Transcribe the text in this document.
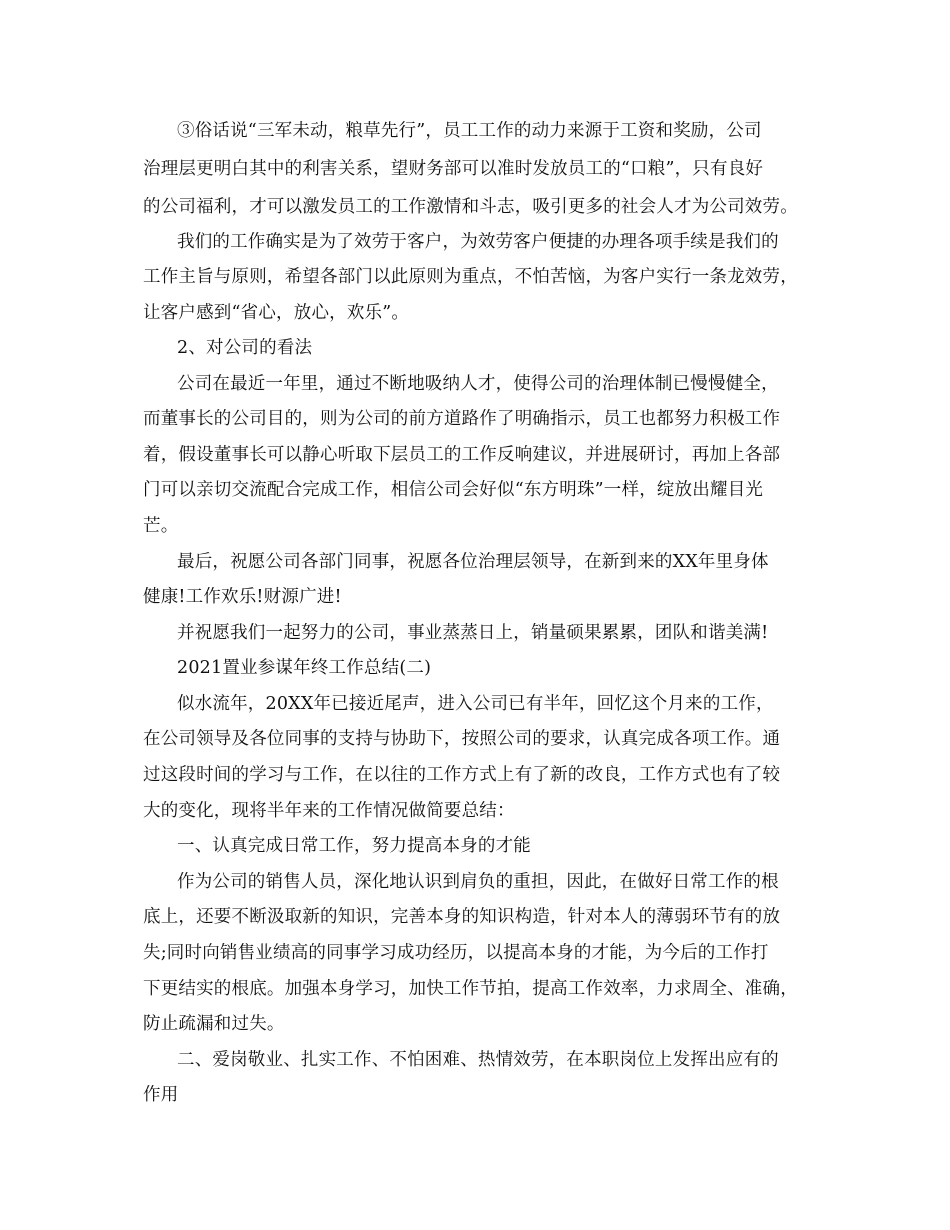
③俗话说“三军未动，粮草先行”，员工工作的动力来源于工资和奖励，公司
治理层更明白其中的利害关系，望财务部可以准时发放员工的“口粮”，只有良好
的公司福利，才可以激发员工的工作激情和斗志，吸引更多的社会人才为公司效劳。
我们的工作确实是为了效劳于客户，为效劳客户便捷的办理各项手续是我们的
工作主旨与原则，希望各部门以此原则为重点，不怕苦恼，为客户实行一条龙效劳，
让客户感到“省心，放心，欢乐”。
2、对公司的看法
公司在最近一年里，通过不断地吸纳人才，使得公司的治理体制已慢慢健全，
而董事长的公司目的，则为公司的前方道路作了明确指示，员工也都努力积极工作
着，假设董事长可以静心听取下层员工的工作反响建议，并进展研讨，再加上各部
门可以亲切交流配合完成工作，相信公司会好似“东方明珠”一样，绽放出耀目光
芒。
最后，祝愿公司各部门同事，祝愿各位治理层领导，在新到来的XX年里身体
健康!工作欢乐!财源广进!
并祝愿我们一起努力的公司，事业蒸蒸日上，销量硕果累累，团队和谐美满!
2021置业参谋年终工作总结(二)
似水流年，20XX年已接近尾声，进入公司已有半年，回忆这个月来的工作，
在公司领导及各位同事的支持与协助下，按照公司的要求，认真完成各项工作。通
过这段时间的学习与工作，在以往的工作方式上有了新的改良，工作方式也有了较
大的变化，现将半年来的工作情况做简要总结：
一、认真完成日常工作，努力提高本身的才能
作为公司的销售人员，深化地认识到肩负的重担，因此，在做好日常工作的根
底上，还要不断汲取新的知识，完善本身的知识构造，针对本人的薄弱环节有的放
失;同时向销售业绩高的同事学习成功经历，以提高本身的才能，为今后的工作打
下更结实的根底。加强本身学习，加快工作节拍，提高工作效率，力求周全、准确，
防止疏漏和过失。
二、爱岗敬业、扎实工作、不怕困难、热情效劳，在本职岗位上发挥出应有的
作用
